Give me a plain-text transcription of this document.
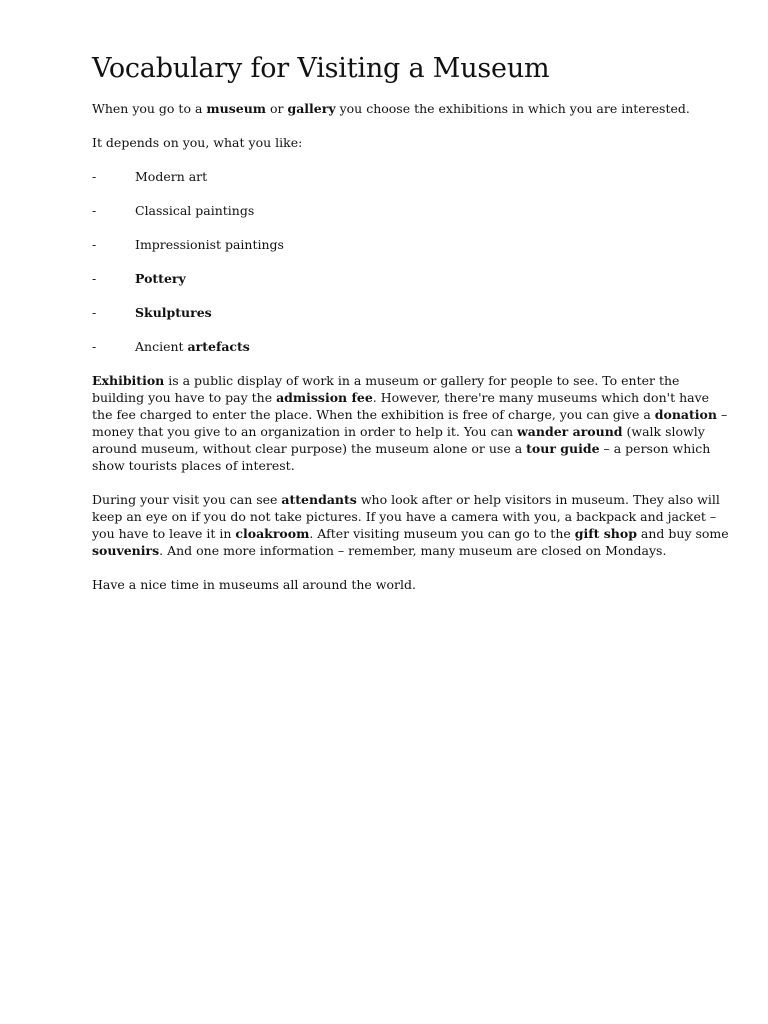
Vocabulary for Visiting a Museum

When you go to a museum or gallery you choose the exhibitions in which you are interested.

It depends on you, what you like:

-	Modern art
-	Classical paintings
-	Impressionist paintings
-	Pottery
-	Skulptures
-	Ancient artefacts

Exhibition is a public display of work in a museum or gallery for people to see. To enter the building you have to pay the admission fee. However, there're many museums which don't have the fee charged to enter the place. When the exhibition is free of charge, you can give a donation – money that you give to an organization in order to help it. You can wander around (walk slowly around museum, without clear purpose) the museum alone or use a tour guide – a person which show tourists places of interest.

During your visit you can see attendants who look after or help visitors in museum. They also will keep an eye on if you do not take pictures. If you have a camera with you, a backpack and jacket – you have to leave it in cloakroom. After visiting museum you can go to the gift shop and buy some souvenirs. And one more information – remember, many museum are closed on Mondays.

Have a nice time in museums all around the world.
